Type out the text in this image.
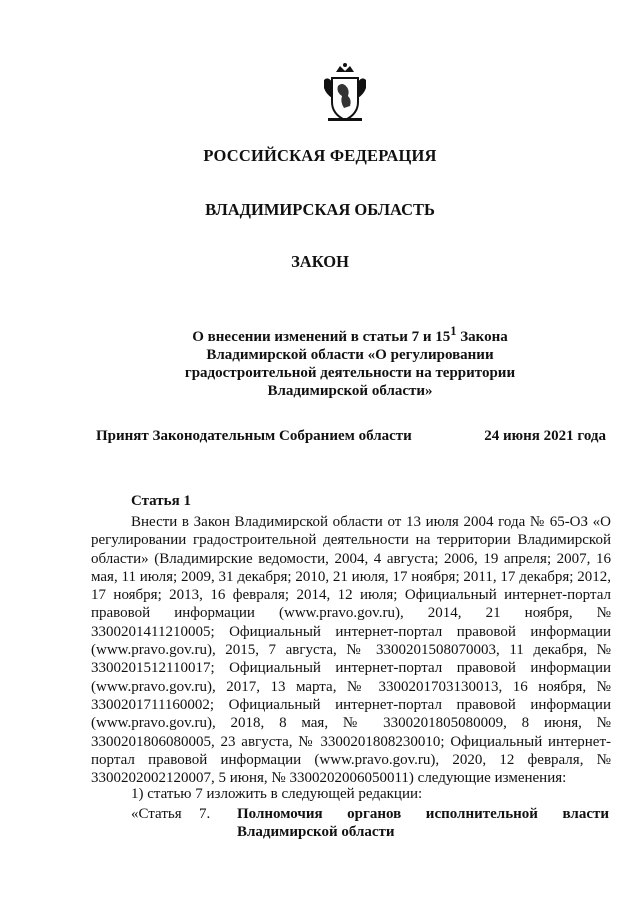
РОССИЙСКАЯ ФЕДЕРАЦИЯ
ВЛАДИМИРСКАЯ ОБЛАСТЬ
ЗАКОН
О внесении изменений в статьи 7 и $15^1$ Закона Владимирской области «О регулировании градостроительной деятельности на территории Владимирской области»
Принят Законодательным Собранием области	24 июня 2021 года
Статья 1
Внести в Закон Владимирской области от 13 июля 2004 года № 65-ОЗ «О регулировании градостроительной деятельности на территории Владимирской области» (Владимирские ведомости, 2004, 4 августа; 2006, 19 апреля; 2007, 16 мая, 11 июля; 2009, 31 декабря; 2010, 21 июля, 17 ноября; 2011, 17 декабря; 2012, 17 ноября; 2013, 16 февраля; 2014, 12 июля; Официальный интернет-портал правовой информации (www.pravo.gov.ru), 2014, 21 ноября, № 3300201411210005; Официальный интернет-портал правовой информации (www.pravo.gov.ru), 2015, 7 августа, № 3300201508070003, 11 декабря, № 3300201512110017; Официальный интернет-портал правовой информации (www.pravo.gov.ru), 2017, 13 марта, № 3300201703130013, 16 ноября, № 3300201711160002; Официальный интернет-портал правовой информации (www.pravo.gov.ru), 2018, 8 мая, № 3300201805080009, 8 июня, № 3300201806080005, 23 августа, № 3300201808230010; Официальный интернет-портал правовой информации (www.pravo.gov.ru), 2020, 12 февраля, № 3300202002120007, 5 июня, № 3300202006050011) следующие изменения:
1) статью 7 изложить в следующей редакции:
«Статья 7. Полномочия органов исполнительной власти Владимирской области
